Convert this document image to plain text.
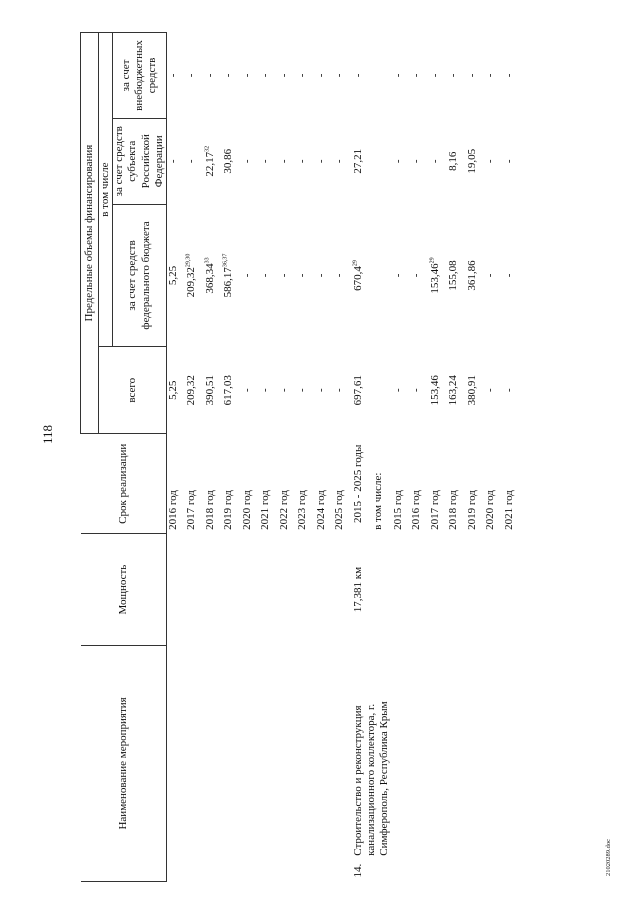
118
21020289.doc
Наименование мероприятия	Мощность	Срок реализации	Предельные объемы финансирования			
			всего	в том числе		
				за счет средств федерального бюджета	за счет средств субъекта Российской Федерации	за счет внебюджетных средств
		2016 год	5,25	5,25	-	-
		2017 год	209,32	209,32$^{29,30}$	-	-
		2018 год	390,51	368,34$^{33}$	22,17$^{32}$	-
		2019 год	617,03	586,17$^{36,37}$	30,86	-
		2020 год	-	-	-	-
		2021 год	-	-	-	-
		2022 год	-	-	-	-
		2023 год	-	-	-	-
		2024 год	-	-	-	-
		2025 год	-	-	-	-

14.
Строительство и реконструкция канализационного коллектора, г. Симферополь, Республика Крым	17,381 км	2015 - 2025 годы	697,61	670,4$^{29}$	27,21	-
		в том числе:				
		2015 год	-	-	-	-
		2016 год	-	-	-	-
		2017 год	153,46	153,46$^{29}$	-	-
		2018 год	163,24	155,08	8,16	-
		2019 год	380,91	361,86	19,05	-
		2020 год	-	-	-	-
		2021 год	-	-	-	-
